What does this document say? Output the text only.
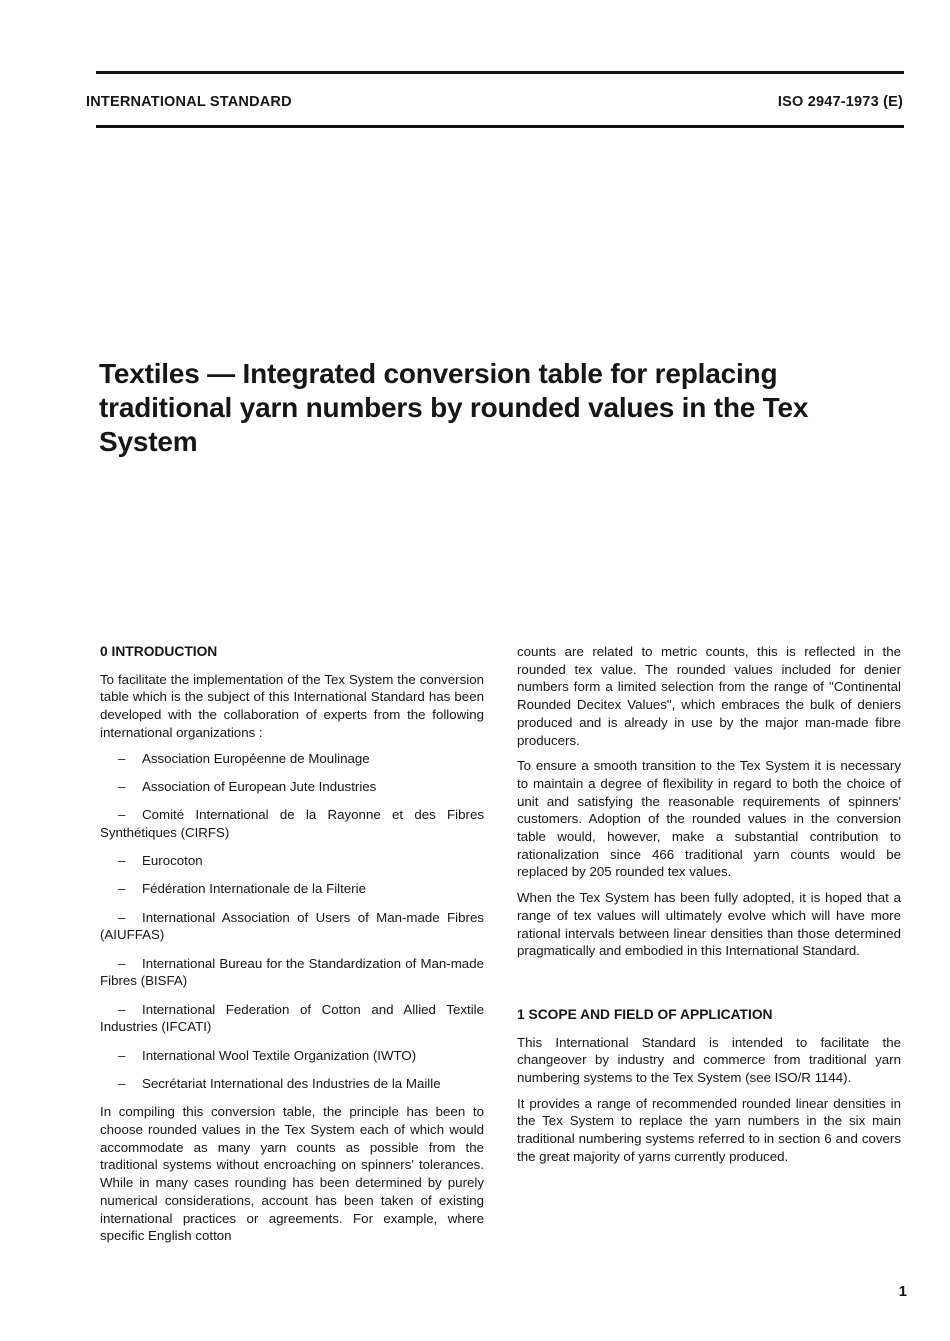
INTERNATIONAL STANDARD	ISO 2947-1973 (E)
Textiles — Integrated conversion table for replacing traditional yarn numbers by rounded values in the Tex System
0 INTRODUCTION

To facilitate the implementation of the Tex System the conversion table which is the subject of this International Standard has been developed with the collaboration of experts from the following international organizations :

– Association Européenne de Moulinage
– Association of European Jute Industries
– Comité International de la Rayonne et des Fibres Synthétiques (CIRFS)
– Eurocoton
– Fédération Internationale de la Filterie
– International Association of Users of Man-made Fibres (AIUFFAS)
– International Bureau for the Standardization of Man-made Fibres (BISFA)
– International Federation of Cotton and Allied Textile Industries (IFCATI)
– International Wool Textile Organization (IWTO)
– Secrétariat International des Industries de la Maille

In compiling this conversion table, the principle has been to choose rounded values in the Tex System each of which would accommodate as many yarn counts as possible from the traditional systems without encroaching on spinners' tolerances. While in many cases rounding has been determined by purely numerical considerations, account has been taken of existing international practices or agreements. For example, where specific English cotton

counts are related to metric counts, this is reflected in the rounded tex value. The rounded values included for denier numbers form a limited selection from the range of "Continental Rounded Decitex Values", which embraces the bulk of deniers produced and is already in use by the major man-made fibre producers.

To ensure a smooth transition to the Tex System it is necessary to maintain a degree of flexibility in regard to both the choice of unit and satisfying the reasonable requirements of spinners' customers. Adoption of the rounded values in the conversion table would, however, make a substantial contribution to rationalization since 466 traditional yarn counts would be replaced by 205 rounded tex values.

When the Tex System has been fully adopted, it is hoped that a range of tex values will ultimately evolve which will have more rational intervals between linear densities than those determined pragmatically and embodied in this International Standard.

1 SCOPE AND FIELD OF APPLICATION

This International Standard is intended to facilitate the changeover by industry and commerce from traditional yarn numbering systems to the Tex System (see ISO/R 1144).

It provides a range of recommended rounded linear densities in the Tex System to replace the yarn numbers in the six main traditional numbering systems referred to in section 6 and covers the great majority of yarns currently produced.

1
